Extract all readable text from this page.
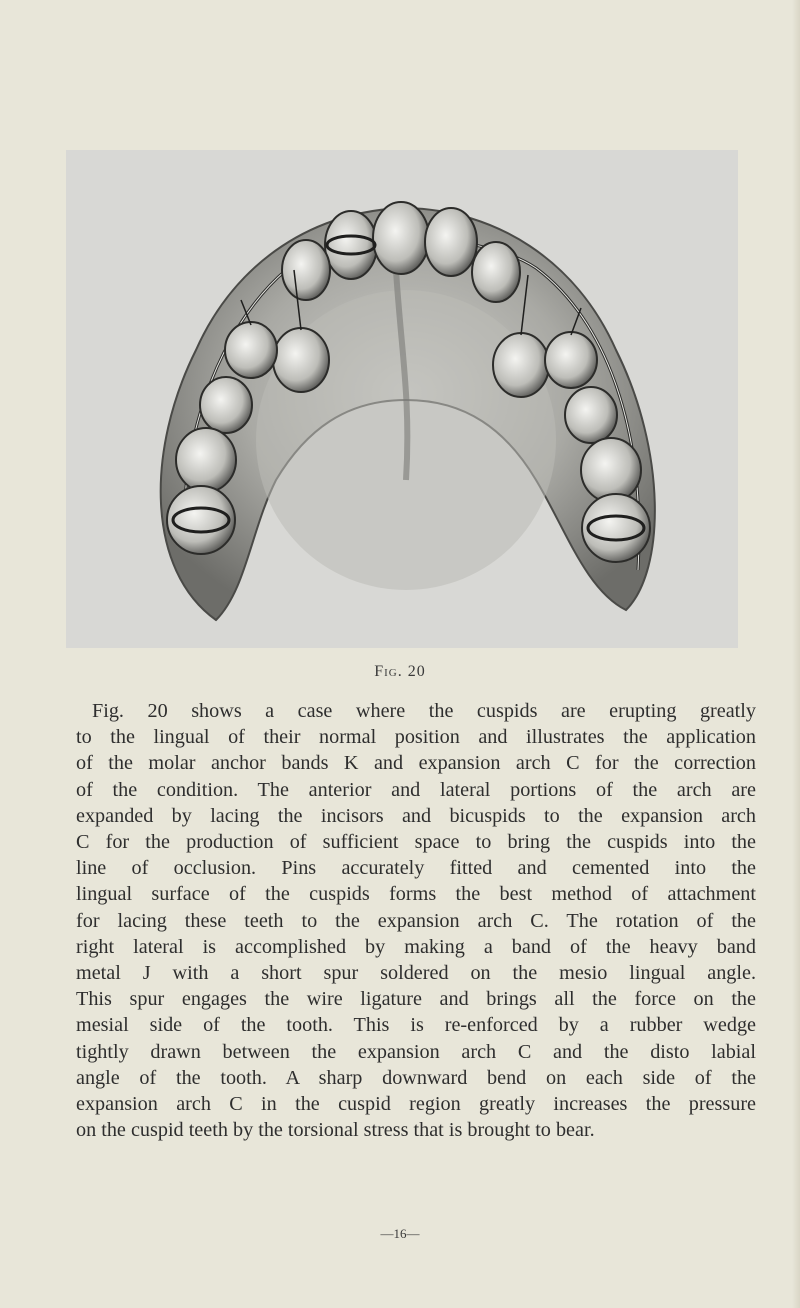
Fig. 20
Fig. 20 shows a case where the cuspids are erupting greatly
to the lingual of their normal position and illustrates the application
of the molar anchor bands K and expansion arch C for the correction
of the condition. The anterior and lateral portions of the arch are
expanded by lacing the incisors and bicuspids to the expansion arch
C for the production of sufficient space to bring the cuspids into the
line of occlusion. Pins accurately fitted and cemented into the
lingual surface of the cuspids forms the best method of attachment
for lacing these teeth to the expansion arch C. The rotation of the
right lateral is accomplished by making a band of the heavy band
metal J with a short spur soldered on the mesio lingual angle.
This spur engages the wire ligature and brings all the force on the
mesial side of the tooth. This is re-enforced by a rubber wedge
tightly drawn between the expansion arch C and the disto labial
angle of the tooth. A sharp downward bend on each side of the
expansion arch C in the cuspid region greatly increases the pressure
on the cuspid teeth by the torsional stress that is brought to bear.
—16—
